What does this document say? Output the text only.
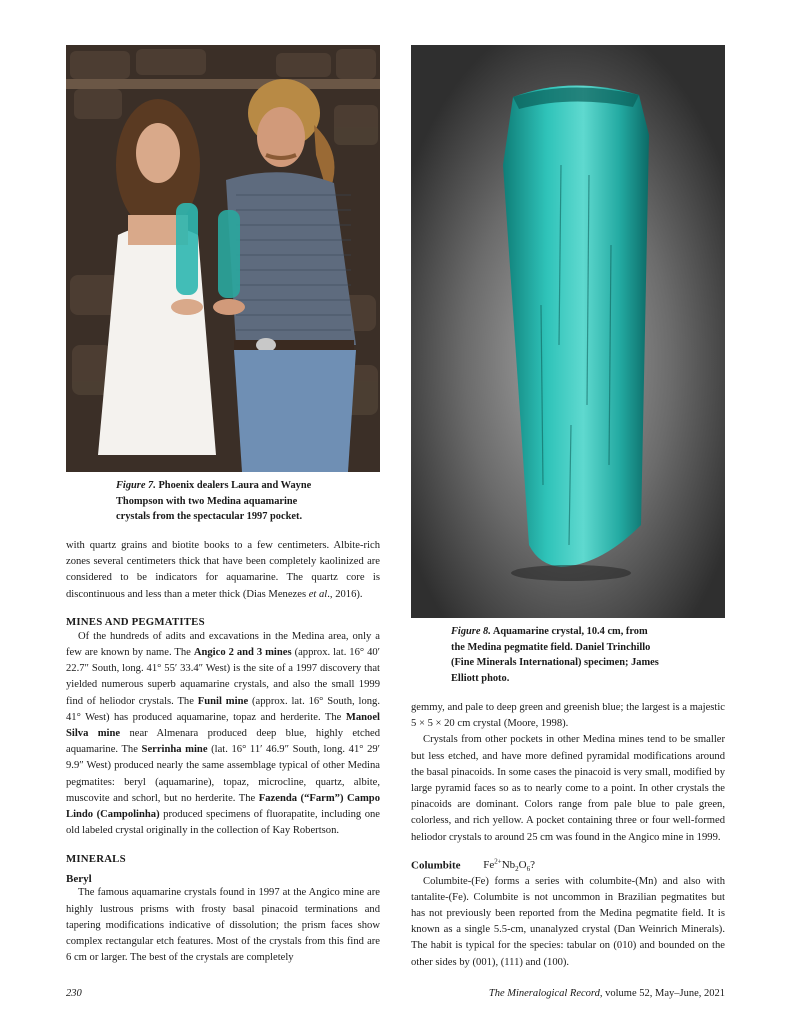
Figure 7. Phoenix dealers Laura and Wayne
Thompson with two Medina aquamarine
crystals from the spectacular 1997 pocket.
Figure 8. Aquamarine crystal, 10.4 cm, from
the Medina pegmatite field. Daniel Trinchillo
(Fine Minerals International) specimen; James
Elliott photo.

with quartz grains and biotite books to a few centimeters. Albite-rich zones several centimeters thick that have been completely kaolinized are considered to be indicators for aquamarine. The quartz core is discontinuous and less than a meter thick (Dias Menezes et al., 2016).

MINES AND PEGMATITES

Of the hundreds of adits and excavations in the Medina area, only a few are known by name. The Angico 2 and 3 mines (approx. lat. 16° 40′ 22.7″ South, long. 41° 55′ 33.4″ West) is the site of a 1997 discovery that yielded numerous superb aquamarine crystals, and also the small 1999 find of heliodor crystals. The Funil mine (approx. lat. 16° South, long. 41° West) has produced aquamarine, topaz and herderite. The Manoel Silva mine near Almenara produced deep blue, highly etched aquamarine. The Serrinha mine (lat. 16° 11′ 46.9″ South, long. 41° 29′ 9.9″ West) produced nearly the same assemblage typical of other Medina pegmatites: beryl (aquamarine), topaz, microcline, quartz, albite, muscovite and schorl, but no herderite. The Fazenda (“Farm”) Campo Lindo (Campolinha) produced specimens of fluorapatite, including one old labeled crystal originally in the collection of Kay Robertson.

MINERALS
Beryl

The famous aquamarine crystals found in 1997 at the Angico mine are highly lustrous prisms with frosty basal pinacoid terminations and tapering modifications indicative of dissolution; the prism faces show complex rectangular etch features. Most of the crystals from this find are 6 cm or larger. The best of the crystals are completely

gemmy, and pale to deep green and greenish blue; the largest is a majestic 5 × 5 × 20 cm crystal (Moore, 1998).

Crystals from other pockets in other Medina mines tend to be smaller but less etched, and have more defined pyramidal modifications around the basal pinacoids. In some cases the pinacoid is very small, modified by large pyramid faces so as to nearly come to a point. In other crystals the pinacoids are dominant. Colors range from pale blue to pale green, colorless, and rich yellow. A pocket containing three or four well-formed heliodor crystals to around 25 cm was found in the Angico mine in 1999.

Columbite $Fe^{2+}Nb_2O_6$?

Columbite-(Fe) forms a series with columbite-(Mn) and also with tantalite-(Fe). Columbite is not uncommon in Brazilian pegmatites but has not previously been reported from the Medina pegmatite field. It is known as a single 5.5-cm, unanalyzed crystal (Dan Weinrich Minerals). The habit is typical for the species: tabular on (010) and bounded on the other sides by (001), (111) and (100).

230	The Mineralogical Record, volume 52, May–June, 2021
